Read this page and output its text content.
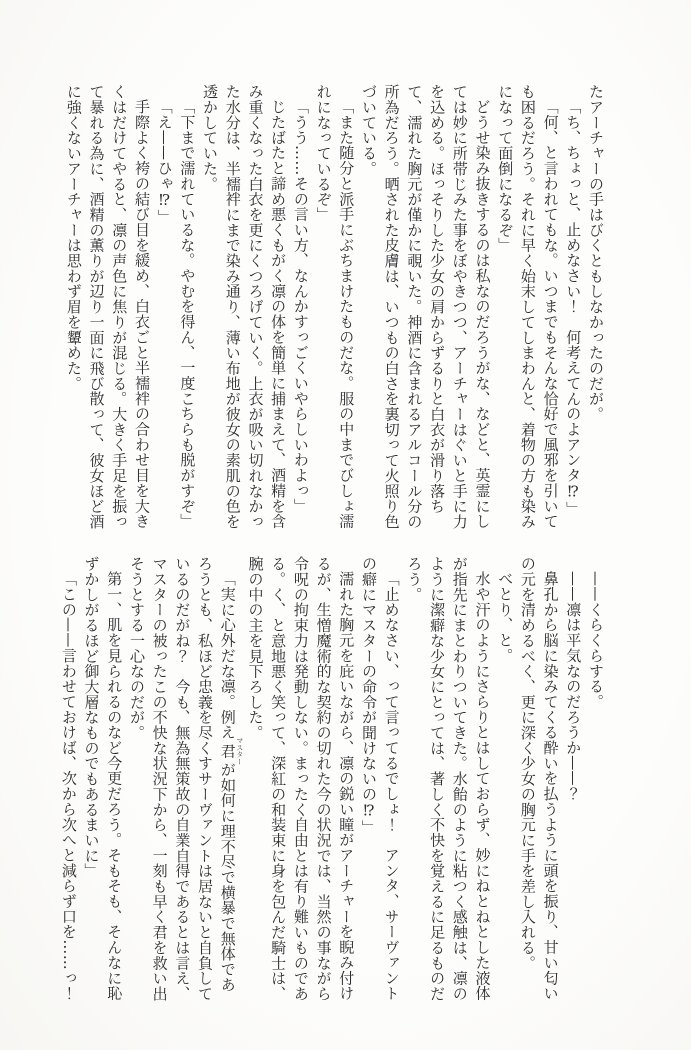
たアーチャーの手はびくともしなかったのだが。

「ち、ちょっと、止めなさい！　何考えてんのよアンタ⁉」

「何、と言われてもな。いつまでもそんな恰好で風邪を引いても困るだろう。それに早く始末してしまわんと、着物の方も染みになって面倒になるぞ」

どうせ染み抜きするのは私なのだろうがな、などと、英霊にしては妙に所帯じみた事をぼやきつつ、アーチャーはぐいと手に力を込める。ほっそりした少女の肩からずるりと白衣が滑り落ちて、濡れた胸元が僅かに覗いた。神酒に含まれるアルコール分の所為だろう。晒された皮膚は、いつもの白さを裏切って火照り色づいている。

「また随分と派手にぶちまけたものだな。服の中までびしょ濡れになっているぞ」

「うう……その言い方、なんかすっごくいやらしいわよっ」

じたばたと諦め悪くもがく凛の体を簡単に捕まえて、酒精を含み重くなった白衣を更にくつろげていく。上衣が吸い切れなかった水分は、半襦袢にまで染み通り、薄い布地が彼女の素肌の色を透かしていた。

「下まで濡れているな。やむを得ん、一度こちらも脱がすぞ」

「え——ひゃ⁉」

手際よく袴の結び目を緩め、白衣ごと半襦袢の合わせ目を大きくはだけてやると、凛の声色に焦りが混じる。大きく手足を振って暴れる為に、酒精の薫りが辺り一面に飛び散って、彼女ほど酒に強くないアーチャーは思わず眉を顰めた。

——くらくらする。

——凛は平気なのだろうか——？

鼻孔から脳に染みてくる酔いを払うように頭を振り、甘い匂いの元を清めるべく、更に深く少女の胸元に手を差し入れる。

べとり、と。

水や汗のようにさらりとはしておらず、妙にねとねとした液体が指先にまとわりついてきた。水飴のように粘つく感触は、凛のように潔癖な少女にとっては、著しく不快を覚えるに足るものだろう。

「止めなさい、って言ってるでしょ！　アンタ、サーヴァントの癖にマスターの命令が聞けないの⁉」

濡れた胸元を庇いながら、凛の鋭い瞳がアーチャーを睨み付けるが、生憎魔術的な契約の切れた今の状況では、当然の事ながら令呪の拘束力は発動しない。まったく自由とは有り難いものである。く、と意地悪く笑って、深紅の和装束に身を包んだ騎士は、腕の中の主を見下ろした。

「実に心外だな凛。例え君 マスターが如何に理不尽で横暴で無体であろうとも、私ほど忠義を尽くすサーヴァントは居ないと自負しているのだがね？　今も、無為無策故の自業自得であるとは言え、マスターの被ったこの不快な状況下から、一刻も早く君を救い出そうとする一心なのだが。

第一、肌を見られるのなど今更だろう。そもそも、そんなに恥ずかしがるほど御大層なものでもあるまいに」

「この——言わせておけば、次から次へと減らず口を……っ！
